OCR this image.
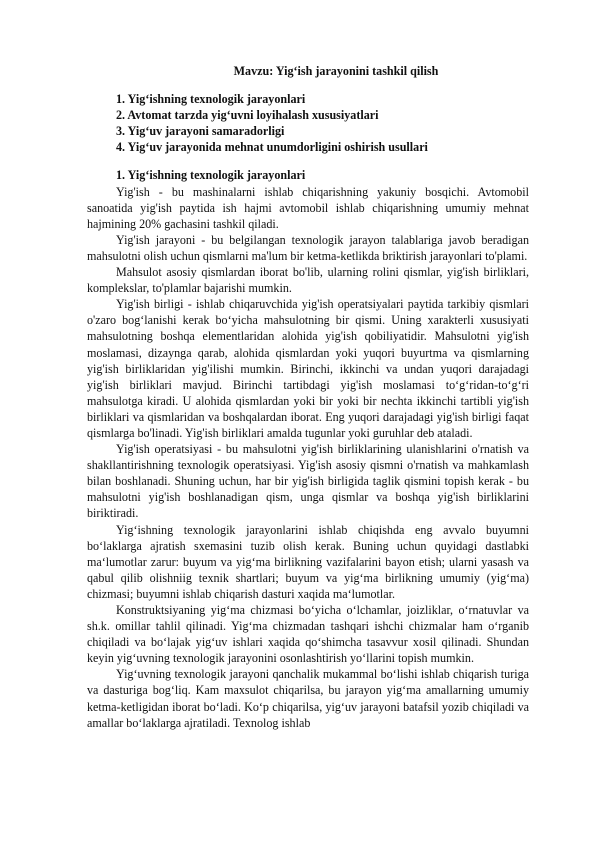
Mavzu: Yig‘ish jarayonini tashkil qilish

1. Yig‘ishning texnologik jarayonlari
2. Avtomat tarzda yig‘uvni loyihalash xususiyatlari
3. Yig‘uv jarayoni samaradorligi
4. Yig‘uv jarayonida mehnat unumdorligini oshirish usullari

1. Yig‘ishning texnologik jarayonlari

Yig'ish - bu mashinalarni ishlab chiqarishning yakuniy bosqichi. Avtomobil sanoatida yig'ish paytida ish hajmi avtomobil ishlab chiqarishning umumiy mehnat hajmining 20% gachasini tashkil qiladi.

Yig'ish jarayoni - bu belgilangan texnologik jarayon talablariga javob beradigan mahsulotni olish uchun qismlarni ma'lum bir ketma-ketlikda briktirish jarayonlari to'plami.

Mahsulot asosiy qismlardan iborat bo'lib, ularning rolini qismlar, yig'ish birliklari, komplekslar, to'plamlar bajarishi mumkin.

Yig'ish birligi - ishlab chiqaruvchida yig'ish operatsiyalari paytida tarkibiy qismlari o'zaro bog‘lanishi kerak bo‘yicha mahsulotning bir qismi. Uning xarakterli xususiyati mahsulotning boshqa elementlaridan alohida yig'ish qobiliyatidir. Mahsulotni yig'ish moslamasi, dizaynga qarab, alohida qismlardan yoki yuqori buyurtma va qismlarning yig'ish birliklaridan yig'ilishi mumkin. Birinchi, ikkinchi va undan yuqori darajadagi yig'ish birliklari mavjud. Birinchi tartibdagi yig'ish moslamasi to‘g‘ridan-to‘g‘ri mahsulotga kiradi. U alohida qismlardan yoki bir yoki bir nechta ikkinchi tartibli yig'ish birliklari va qismlaridan va boshqalardan iborat. Eng yuqori darajadagi yig'ish birligi faqat qismlarga bo'linadi. Yig'ish birliklari amalda tugunlar yoki guruhlar deb ataladi.

Yig'ish operatsiyasi - bu mahsulotni yig'ish birliklarining ulanishlarini o'rnatish va shakllantirishning texnologik operatsiyasi. Yig'ish asosiy qismni o'rnatish va mahkamlash bilan boshlanadi. Shuning uchun, har bir yig'ish birligida taglik qismini topish kerak - bu mahsulotni yig'ish boshlanadigan qism, unga qismlar va boshqa yig'ish birliklarini biriktiradi.

Yig‘ishning texnologik jarayonlarini ishlab chiqishda eng avvalo buyumni bo‘laklarga ajratish sxemasini tuzib olish kerak. Buning uchun quyidagi dastlabki ma‘lumotlar zarur: buyum va yig‘ma birlikning vazifalarini bayon etish; ularni yasash va qabul qilib olishniig texnik shartlari; buyum va yig‘ma birlikning umumiy (yig‘ma) chizmasi; buyumni ishlab chiqarish dasturi xaqida ma‘lumotlar.

Konstruktsiyaning yig‘ma chizmasi bo‘yicha o‘lchamlar, joizliklar, o‘rnatuvlar va sh.k. omillar tahlil qilinadi. Yig‘ma chizmadan tashqari ishchi chizmalar ham o‘rganib chiqiladi va bo‘lajak yig‘uv ishlari xaqida qo‘shimcha tasavvur xosil qilinadi. Shundan keyin yig‘uvning texnologik jarayonini osonlashtirish yo‘llarini topish mumkin.

Yig‘uvning texnologik jarayoni qanchalik mukammal bo‘lishi ishlab chiqarish turiga va dasturiga bog‘liq. Kam maxsulot chiqarilsa, bu jarayon yig‘ma amallarning umumiy ketma-ketligidan iborat bo‘ladi. Ko‘p chiqarilsa, yig‘uv jarayoni batafsil yozib chiqiladi va amallar bo‘laklarga ajratiladi. Texnolog ishlab
